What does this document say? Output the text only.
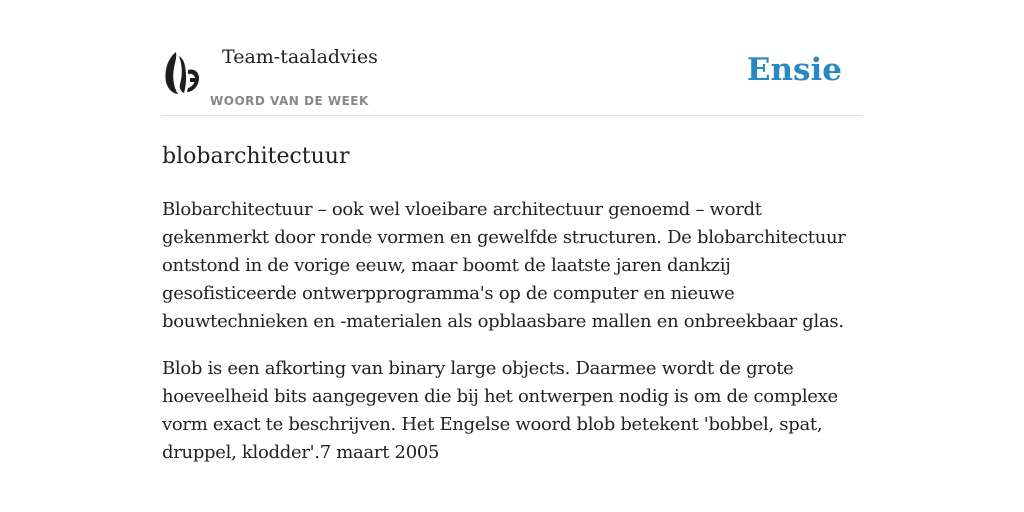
Team-taaladvies
WOORD VAN DE WEEK
Ensie
blobarchitectuur

Blobarchitectuur – ook wel vloeibare architectuur genoemd – wordt gekenmerkt door ronde vormen en gewelfde structuren. De blobarchitectuur ontstond in de vorige eeuw, maar boomt de laatste jaren dankzij gesofisticeerde ontwerpprogramma's op de computer en nieuwe bouwtechnieken en -materialen als opblaasbare mallen en onbreekbaar glas.

Blob is een afkorting van binary large objects. Daarmee wordt de grote hoeveelheid bits aangegeven die bij het ontwerpen nodig is om de complexe vorm exact te beschrijven. Het Engelse woord blob betekent 'bobbel, spat, druppel, klodder'.7 maart 2005
